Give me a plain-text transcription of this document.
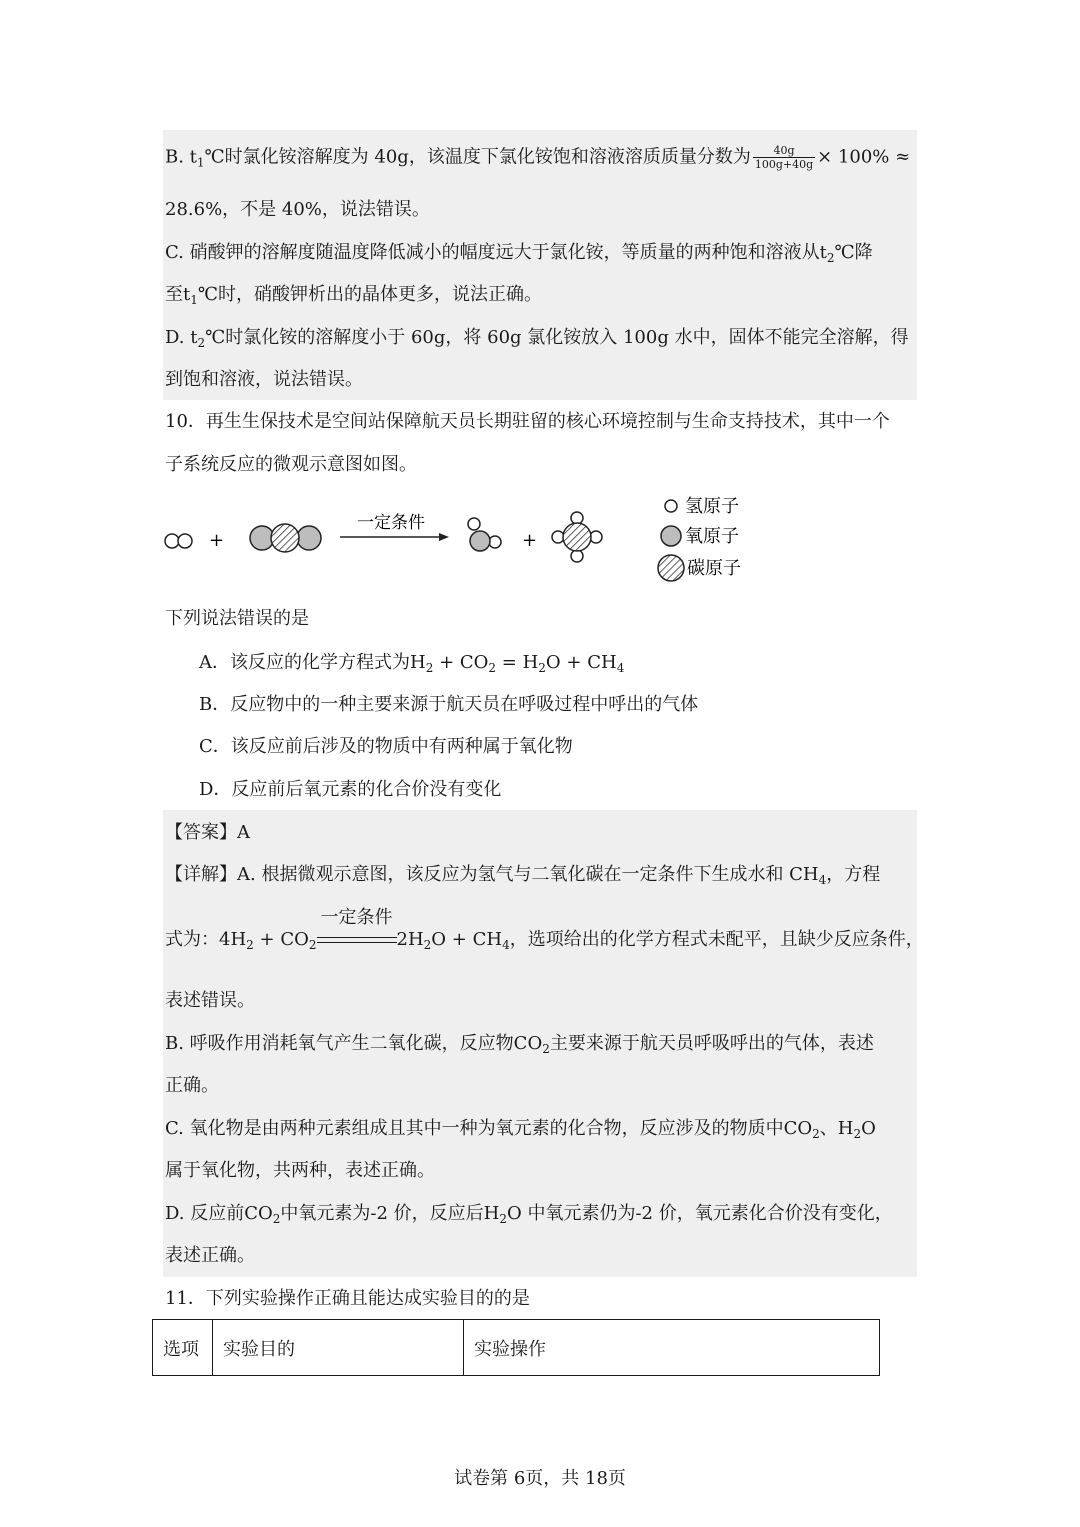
B. $t_1℃$时氯化铵溶解度为 40g，该温度下氯化铵饱和溶液溶质质量分数为 $\frac{40g}{100g+40g} \times 100\%$ ≈
28.6%，不是 40%，说法错误。
C. 硝酸钾的溶解度随温度降低减小的幅度远大于氯化铵，等质量的两种饱和溶液从$t_2℃$降
至$t_1℃$时，硝酸钾析出的晶体更多，说法正确。
D. $t_2℃$时氯化铵的溶解度小于 60g，将 60g 氯化铵放入 100g 水中，固体不能完全溶解，得
到饱和溶液，说法错误。
10．再生生保技术是空间站保障航天员长期驻留的核心环境控制与生命支持技术，其中一个
子系统反应的微观示意图如图。
+
一定条件
+
氢原子
氧原子
碳原子
下列说法错误的是
A．该反应的化学方程式为$H_2 + CO_2 = H_2O + CH_4$
B．反应物中的一种主要来源于航天员在呼吸过程中呼出的气体
C．该反应前后涉及的物质中有两种属于氧化物
D．反应前后氧元素的化合价没有变化
【答案】A
【详解】A. 根据微观示意图，该反应为氢气与二氧化碳在一定条件下生成水和 $CH_4$，方程
式为：$4H_2 + CO_2$
一定条件
$2H_2O + CH_4$，选项给出的化学方程式未配平，且缺少反应条件，
表述错误。
B. 呼吸作用消耗氧气产生二氧化碳，反应物$CO_2$主要来源于航天员呼吸呼出的气体，表述
正确。
C. 氧化物是由两种元素组成且其中一种为氧元素的化合物，反应涉及的物质中$CO_2$、$H_2O$
属于氧化物，共两种，表述正确。
D. 反应前$CO_2$中氧元素为-2 价，反应后$H_2O$ 中氧元素仍为-2 价，氧元素化合价没有变化，
表述正确。
11．下列实验操作正确且能达成实验目的的是
选项	实验目的	实验操作
试卷第 6页，共 18页
